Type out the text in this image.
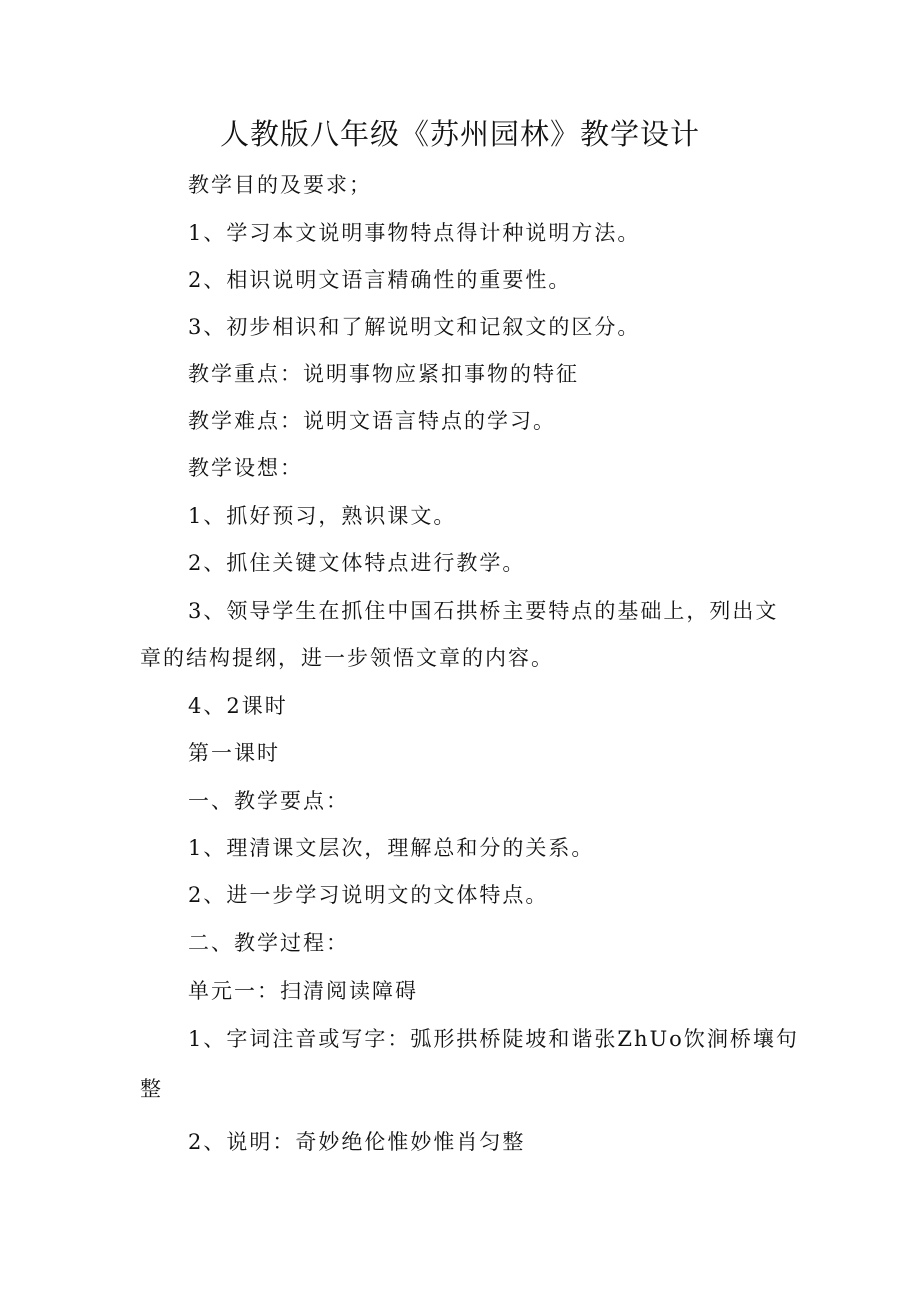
人教版八年级《苏州园林》教学设计
教学目的及要求；
1、学习本文说明事物特点得计种说明方法。
2、相识说明文语言精确性的重要性。
3、初步相识和了解说明文和记叙文的区分。
教学重点：说明事物应紧扣事物的特征
教学难点：说明文语言特点的学习。
教学设想：
1、抓好预习，熟识课文。
2、抓住关键文体特点进行教学。
3、领导学生在抓住中国石拱桥主要特点的基础上，列出文
章的结构提纲，进一步领悟文章的内容。
4、2课时
第一课时
一、教学要点：
1、理清课文层次，理解总和分的关系。
2、进一步学习说明文的文体特点。
二、教学过程：
单元一：扫清阅读障碍
1、字词注音或写字：弧形拱桥陡坡和谐张ZhUo饮涧桥壤句
整
2、说明：奇妙绝伦惟妙惟肖匀整
